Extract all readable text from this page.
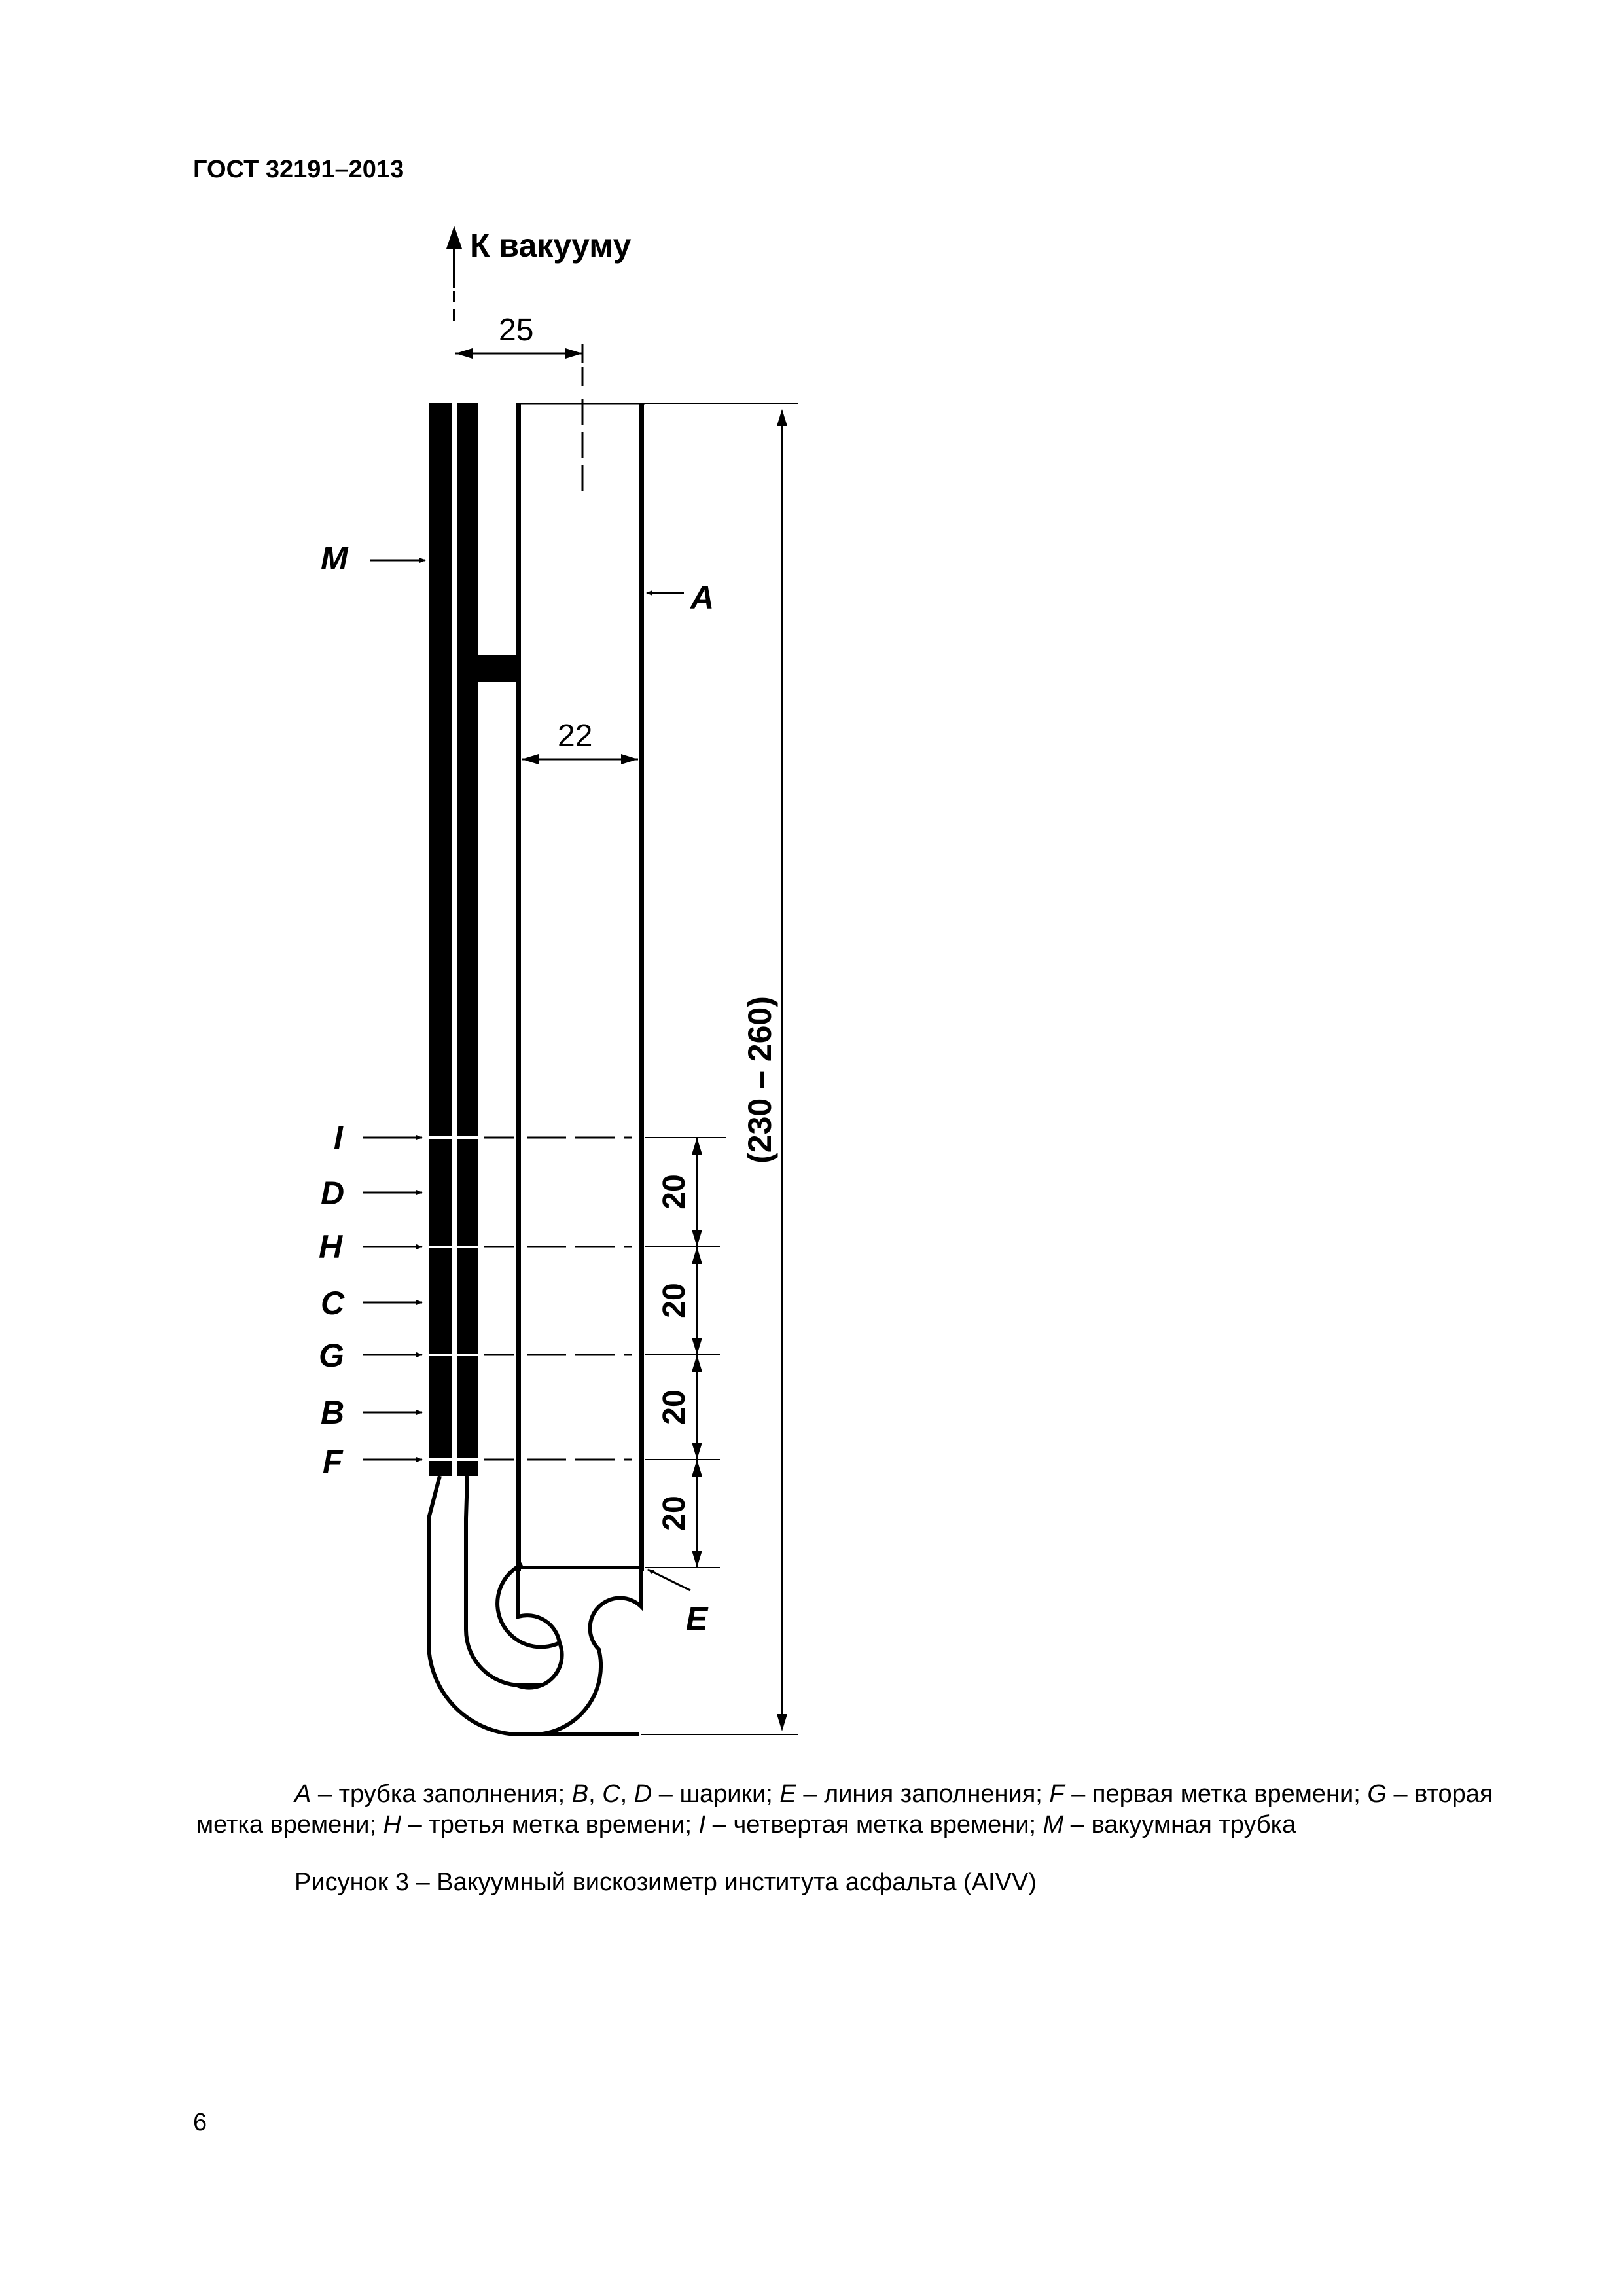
ГОСТ 32191–2013
К вакууму
25
22
20
20
20
20
(230 – 260)
M
A
I
D
H
C
G
B
F
E
A – трубка заполнения; B, C, D – шарики; E – линия заполнения; F – первая метка времени; G – вторая метка времени; H – третья метка времени; I – четвертая метка времени; M – вакуумная трубка
Рисунок 3 – Вакуумный вискозиметр института асфальта (AIVV)
6
